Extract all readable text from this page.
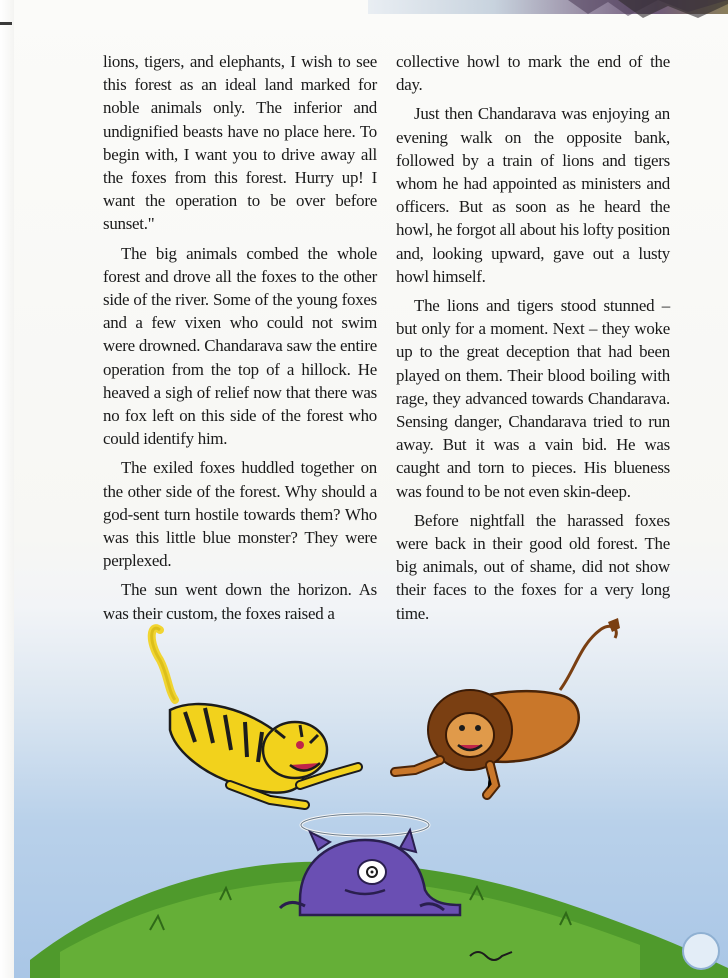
lions, tigers, and elephants, I wish to see this forest as an ideal land marked for noble animals only. The inferior and undignified beasts have no place here. To begin with, I want you to drive away all the foxes from this forest. Hurry up! I want the operation to be over before sunset."

The big animals combed the whole forest and drove all the foxes to the other side of the river. Some of the young foxes and a few vixen who could not swim were drowned. Chandarava saw the entire operation from the top of a hillock. He heaved a sigh of relief now that there was no fox left on this side of the forest who could identify him.

The exiled foxes huddled together on the other side of the forest. Why should a god-sent turn hostile towards them? Who was this little blue monster? They were perplexed.

The sun went down the horizon. As was their custom, the foxes raised a

collective howl to mark the end of the day.

Just then Chandarava was enjoying an evening walk on the opposite bank, followed by a train of lions and tigers whom he had appointed as ministers and officers. But as soon as he heard the howl, he forgot all about his lofty position and, looking upward, gave out a lusty howl himself.

The lions and tigers stood stunned – but only for a moment. Next – they woke up to the great deception that had been played on them. Their blood boiling with rage, they advanced towards Chandarava. Sensing danger, Chandarava tried to run away. But it was a vain bid. He was caught and torn to pieces. His blueness was found to be not even skin-deep.

Before nightfall the harassed foxes were back in their good old forest. The big animals, out of shame, did not show their faces to the foxes for a very long time.
